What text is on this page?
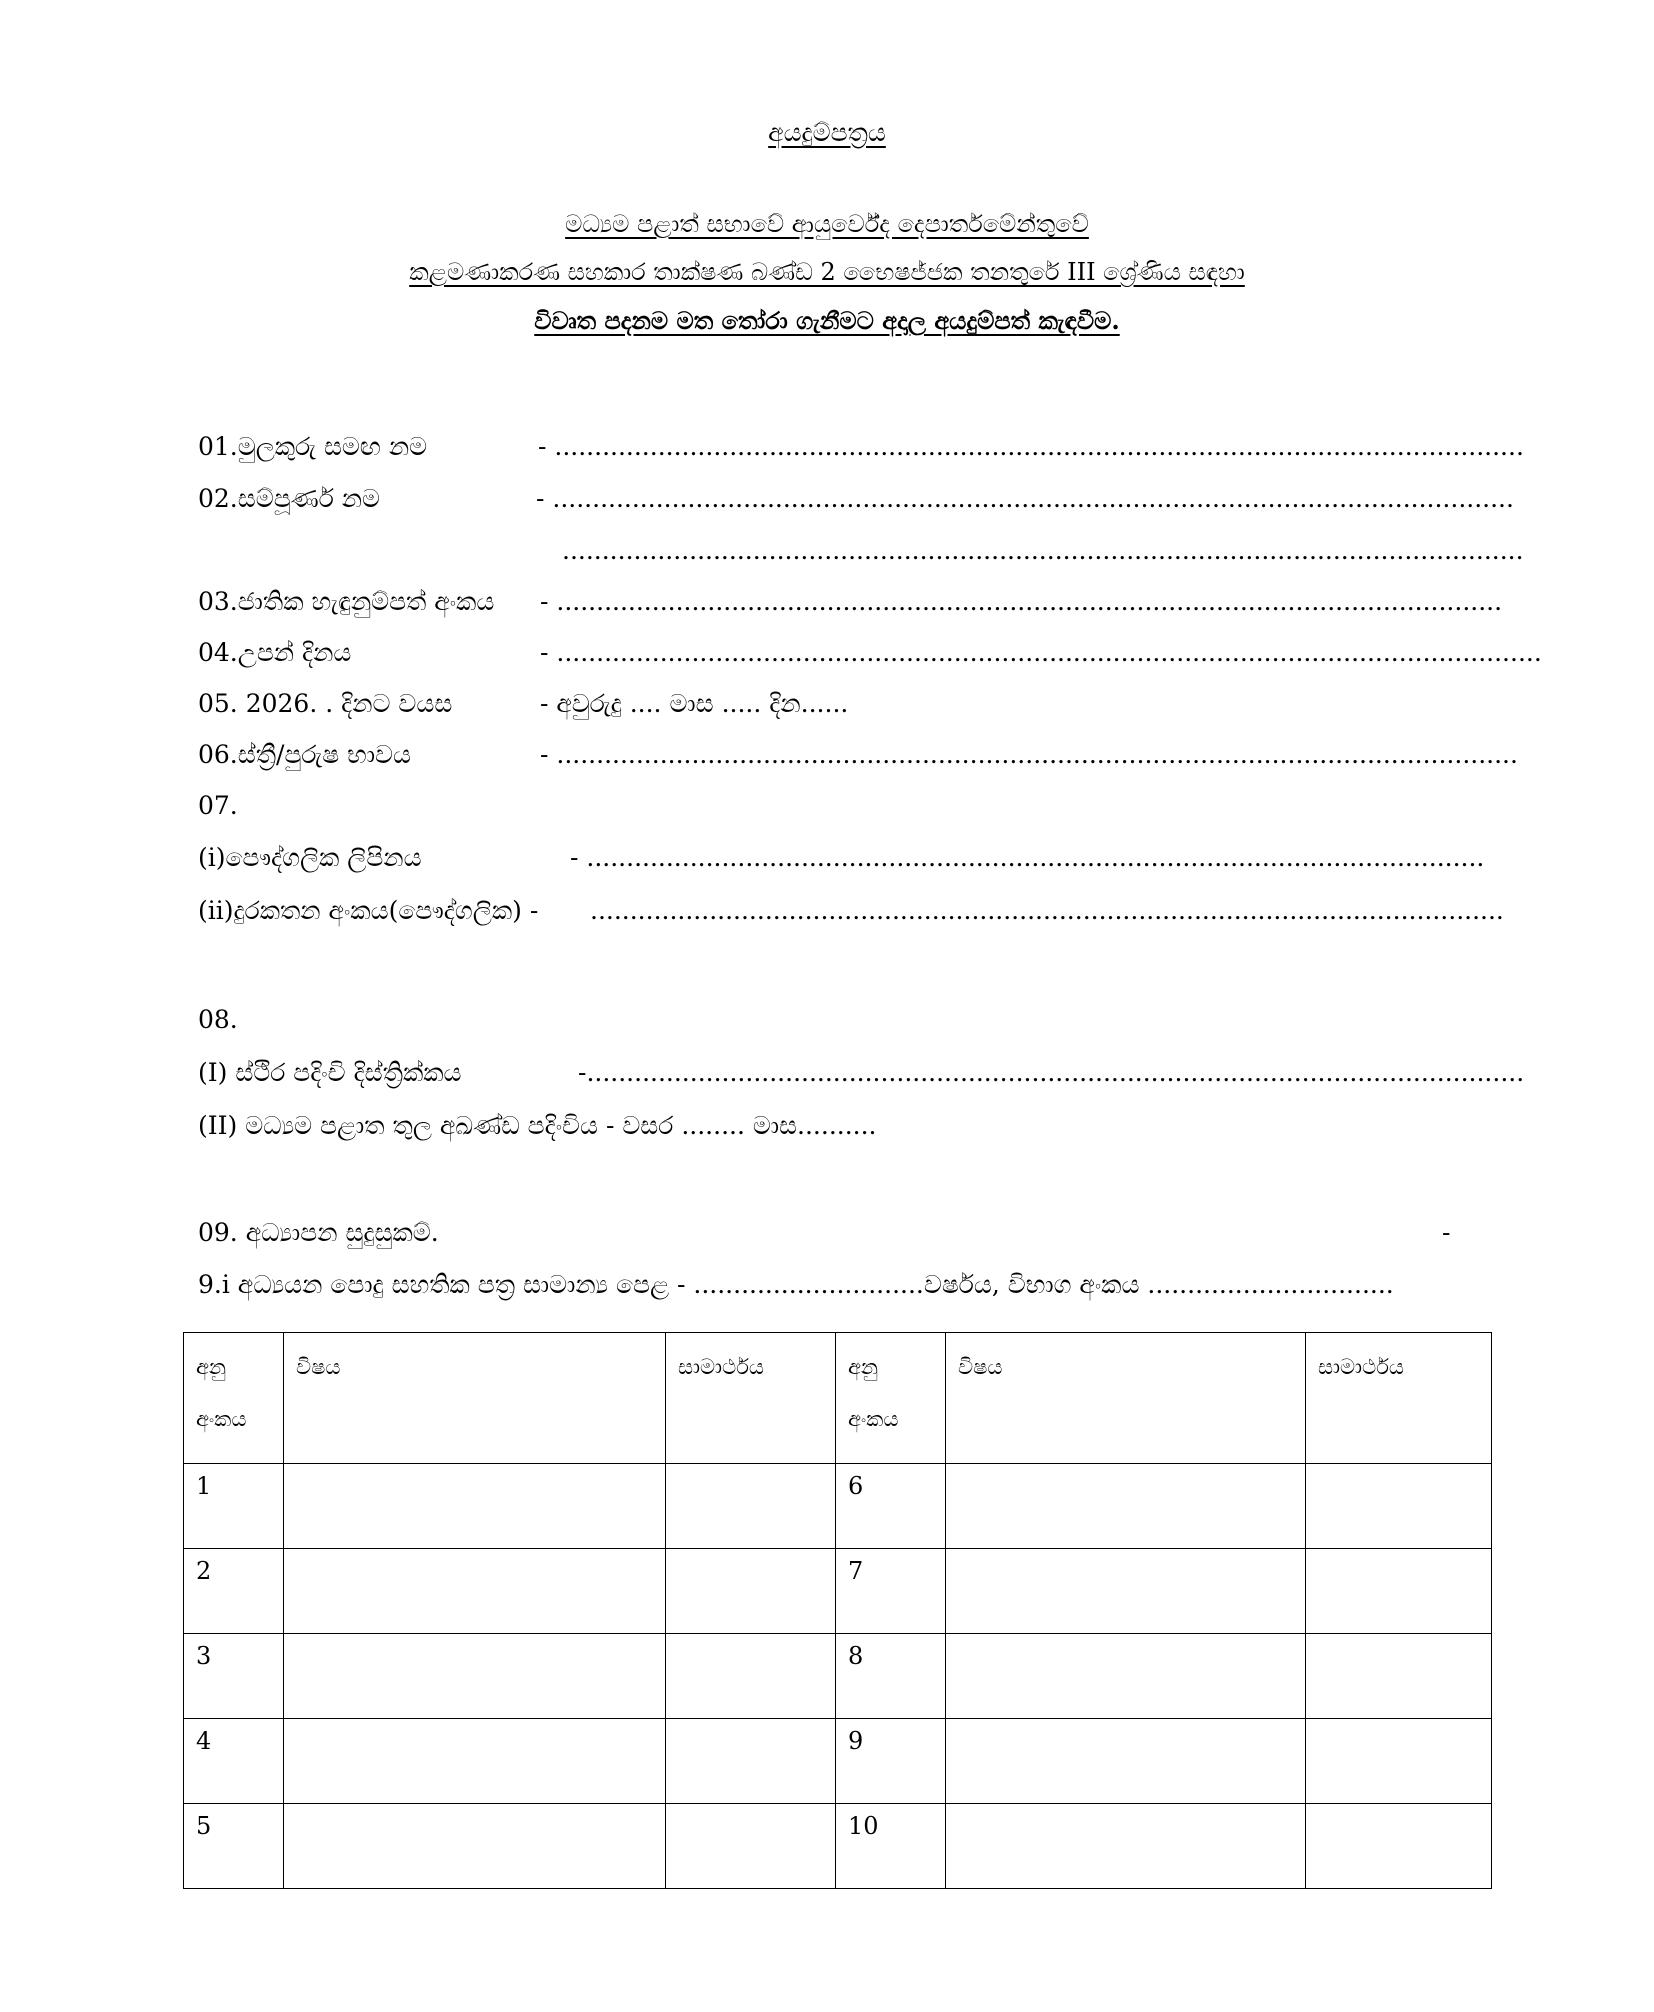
අයදුම්පත්‍රය
මධ්‍යම පළාත් සභාවේ ආයුර්වේද දෙපාර්තමේන්තුවේ
කළමණාකරණ සහකාර තාක්ෂණ බණ්ඩ 2 භෛෂජ්ජක තනතුරේ III ශ්‍රේණිය සඳහා
විවෘත පදනම මත තෝරා ගැනීමට අදාල අයදුම්පත් කැඳවීම.
01.මුලකුරු සමඟ නම	- ..........................................................................................................................
02.සම්පූර්ණ නම	- .........................................................................................................................
.........................................................................................................................
03.ජාතික හැඳුනුම්පත් අංකය - .......................................................................................................................
04.උපන් දිනය	- ............................................................................................................................
05. 2026. . දිනට වයස	- අවුරුදු .... මාස ..... දින......
06.ස්ත්‍රී/පුරුෂ භාවය	- .........................................................................................................................
07.
(i)පෞද්ගලික ලිපිනය	- .................................................................................................................
(ii)දුරකතන අංකය(පෞද්ගලික) - ...................................................................................................................
08.
(I) ස්ථිර පදිංචි දිස්ත්‍රික්කය	-......................................................................................................................
(II) මධ්‍යම පළාත තුල අඛණ්ඩ පදිංචිය - වසර ........ මාස..........
09. අධ්‍යාපන සුදුසුකම්.	-
9.i අධ්‍යයන පොදු සහතික පත්‍ර සාමාන්‍ය පෙළ - .............................වර්ෂය, විභාග අංකය ...............................
අනු අංකය	විෂය	සාමාර්ථය	අනු අංකය	විෂය	සාමාර්ථය
1			6		
2			7		
3			8		
4			9		
5			10		
